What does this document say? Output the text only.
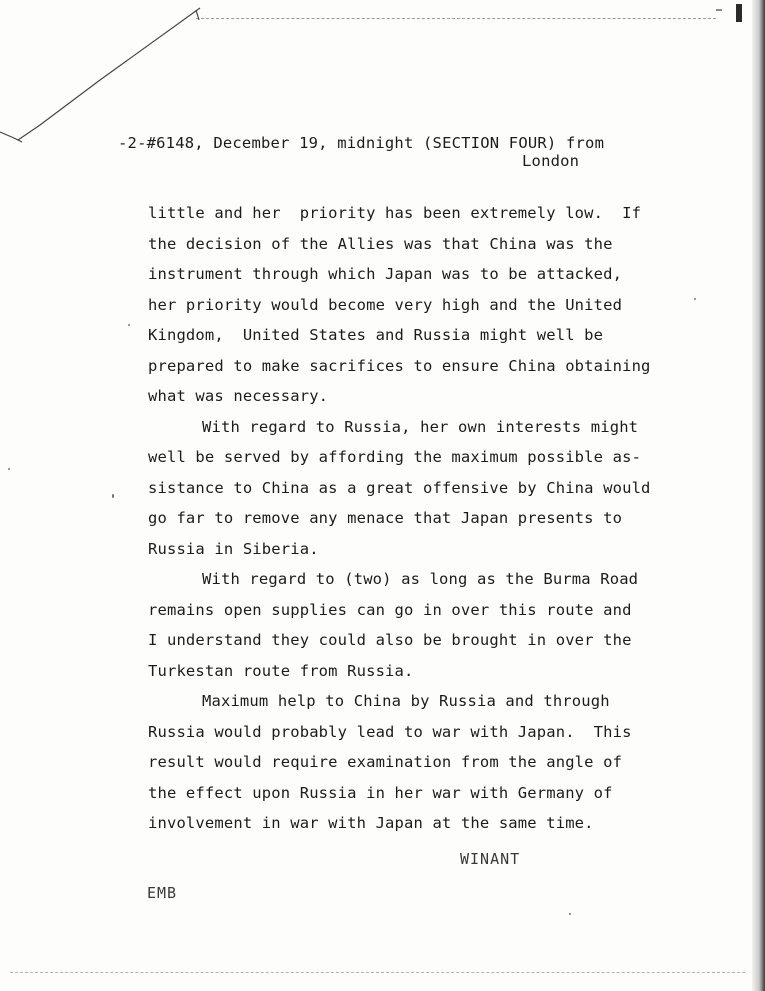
-2-#6148, December 19, midnight (SECTION FOUR) from
London
little and her  priority has been extremely low.  If
the decision of the Allies was that China was the
instrument through which Japan was to be attacked,
her priority would become very high and the United
Kingdom,  United States and Russia might well be
prepared to make sacrifices to ensure China obtaining
what was necessary.
With regard to Russia, her own interests might
well be served by affording the maximum possible as-
sistance to China as a great offensive by China would
go far to remove any menace that Japan presents to
Russia in Siberia.
With regard to (two) as long as the Burma Road
remains open supplies can go in over this route and
I understand they could also be brought in over the
Turkestan route from Russia.
Maximum help to China by Russia and through
Russia would probably lead to war with Japan.  This
result would require examination from the angle of
the effect upon Russia in her war with Germany of
involvement in war with Japan at the same time.
WINANT
EMB
